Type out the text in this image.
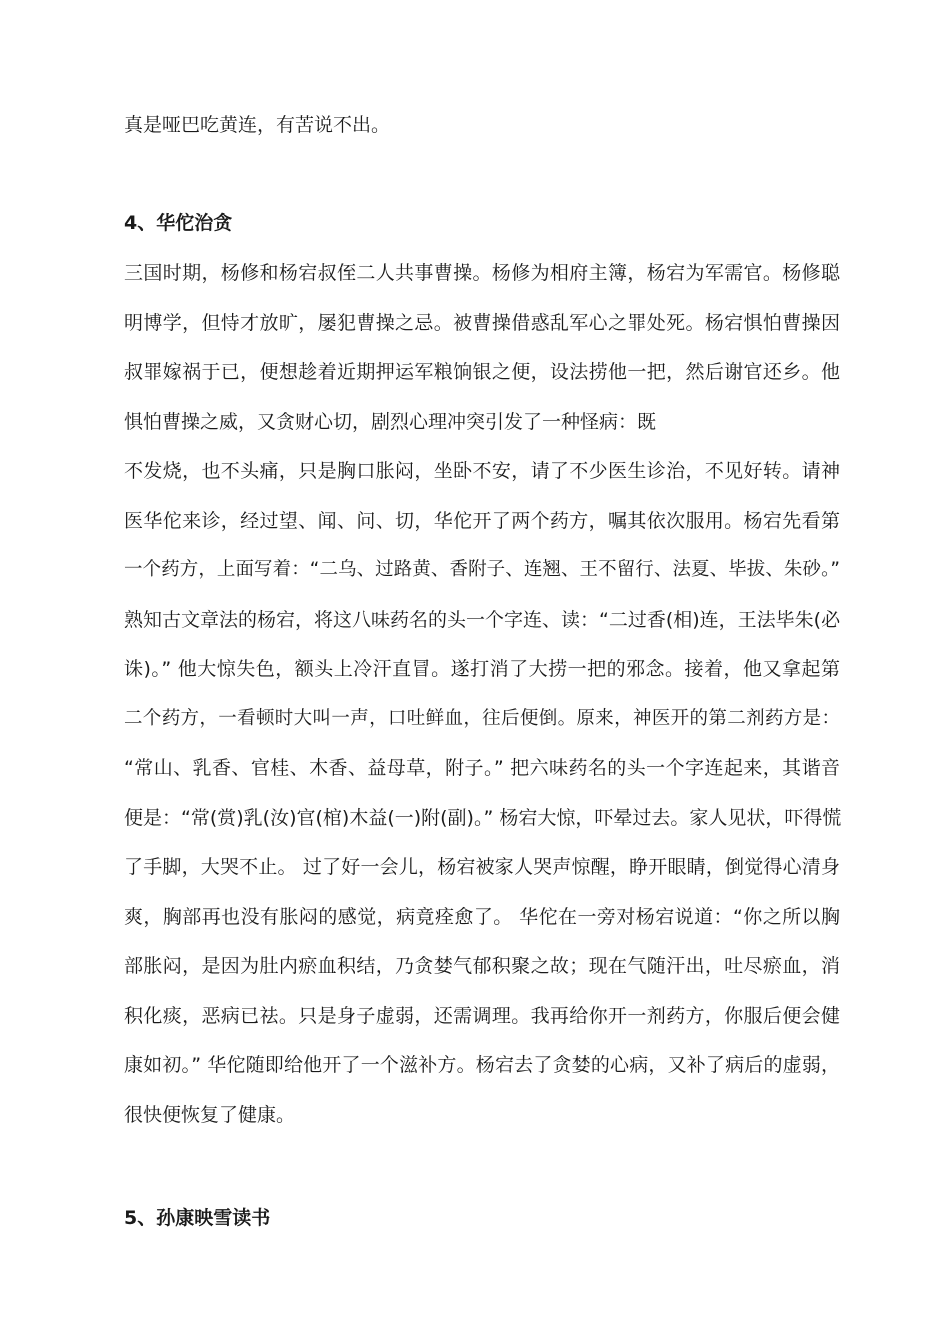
真是哑巴吃黄连，有苦说不出。
4、华佗治贪
三国时期，杨修和杨宕叔侄二人共事曹操。杨修为相府主簿，杨宕为军需官。杨修聪
明博学，但恃才放旷，屡犯曹操之忌。被曹操借惑乱军心之罪处死。杨宕惧怕曹操因
叔罪嫁祸于已，便想趁着近期押运军粮饷银之便，设法捞他一把，然后谢官还乡。他
惧怕曹操之威，又贪财心切，剧烈心理冲突引发了一种怪病：既
不发烧，也不头痛，只是胸口胀闷，坐卧不安，请了不少医生诊治，不见好转。请神
医华佗来诊，经过望、闻、问、切，华佗开了两个药方，嘱其依次服用。杨宕先看第
一个药方，上面写着：“二乌、过路黄、香附子、连翘、王不留行、法夏、毕拔、朱砂。”
熟知古文章法的杨宕，将这八味药名的头一个字连、读：“二过香(相)连，王法毕朱(必
诛)。” 他大惊失色，额头上冷汗直冒。遂打消了大捞一把的邪念。接着，他又拿起第
二个药方，一看顿时大叫一声，口吐鲜血，往后便倒。原来，神医开的第二剂药方是：
“常山、乳香、官桂、木香、益母草，附子。” 把六味药名的头一个字连起来，其谐音
便是：“常(赏)乳(汝)官(棺)木益(一)附(副)。” 杨宕大惊，吓晕过去。家人见状，吓得慌
了手脚，大哭不止。 过了好一会儿，杨宕被家人哭声惊醒，睁开眼睛，倒觉得心清身
爽，胸部再也没有胀闷的感觉，病竟痊愈了。 华佗在一旁对杨宕说道：“你之所以胸
部胀闷，是因为肚内瘀血积结，乃贪婪气郁积聚之故；现在气随汗出，吐尽瘀血，消
积化痰，恶病已祛。只是身子虚弱，还需调理。我再给你开一剂药方，你服后便会健
康如初。” 华佗随即给他开了一个滋补方。杨宕去了贪婪的心病，又补了病后的虚弱，
很快便恢复了健康。
5、孙康映雪读书
